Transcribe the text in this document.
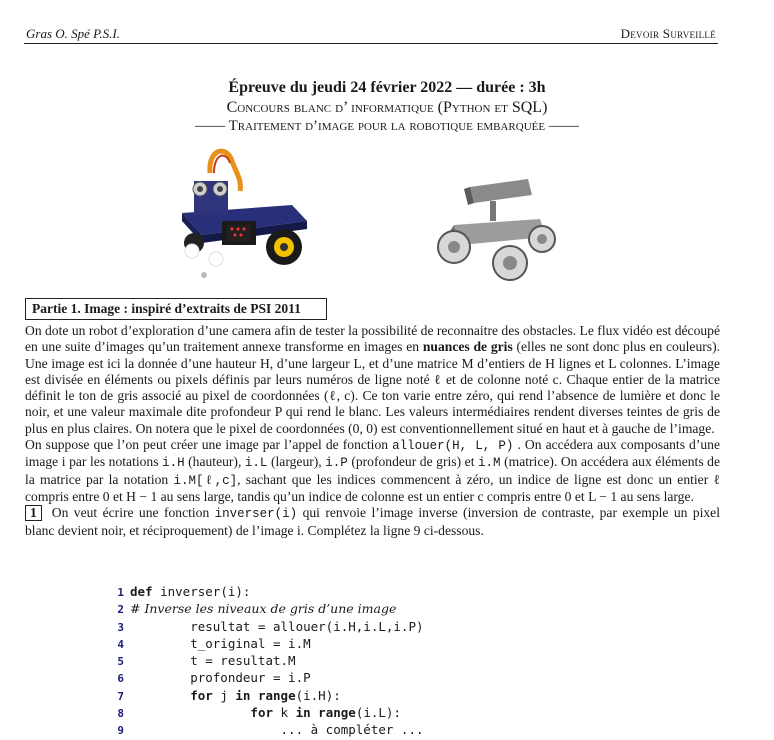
Gras O. Spé P.S.I.	Devoir Surveillé
Épreuve du jeudi 24 février 2022 — durée : 3h
Concours blanc d’ informatique (Python et SQL)
—— Traitement d’image pour la robotique embarquée ——
Partie 1. Image : inspiré d’extraits de PSI 2011

On dote un robot d’exploration d’une camera afin de tester la possibilité de reconnaitre des obstacles. Le flux vidéo est découpé en une suite d’images qu’un traitement annexe transforme en images en nuances de gris (elles ne sont donc plus en couleurs). Une image est ici la donnée d’une hauteur H, d’une largeur L, et d’une matrice M d’entiers de H lignes et L colonnes. L’image est divisée en éléments ou pixels définis par leurs numéros de ligne noté ℓ et de colonne noté c. Chaque entier de la matrice définit le ton de gris associé au pixel de coordonnées (ℓ, c). Ce ton varie entre zéro, qui rend l’absence de lumière et donc le noir, et une valeur maximale dite profondeur P qui rend le blanc. Les valeurs intermédiaires rendent diverses teintes de gris de plus en plus claires. On notera que le pixel de coordonnées (0, 0) est conventionnellement situé en haut et à gauche de l’image.

On suppose que l’on peut créer une image par l’appel de fonction allouer(H, L, P) . On accédera aux composants d’une image i par les notations i.H (hauteur), i.L (largeur), i.P (profondeur de gris) et i.M (matrice). On accédera aux éléments de la matrice par la notation i.M[ℓ,c], sachant que les indices commencent à zéro, un indice de ligne est donc un entier ℓ compris entre 0 et H − 1 au sens large, tandis qu’un indice de colonne est un entier c compris entre 0 et L − 1 au sens large.

1 On veut écrire une fonction inverser(i) qui renvoie l’image inverse (inversion de contraste, par exemple un pixel blanc devient noir, et réciproquement) de l’image i. Complétez la ligne 9 ci-dessous.

1 def inverser(i):
2 # Inverse les niveaux de gris d’une image
3        resultat = allouer(i.H,i.L,i.P)
4        t_original = i.M
5        t = resultat.M
6        profondeur = i.P
7	for j in range(i.H):
8	for k in range(i.L):
9                    ... à compléter ...
